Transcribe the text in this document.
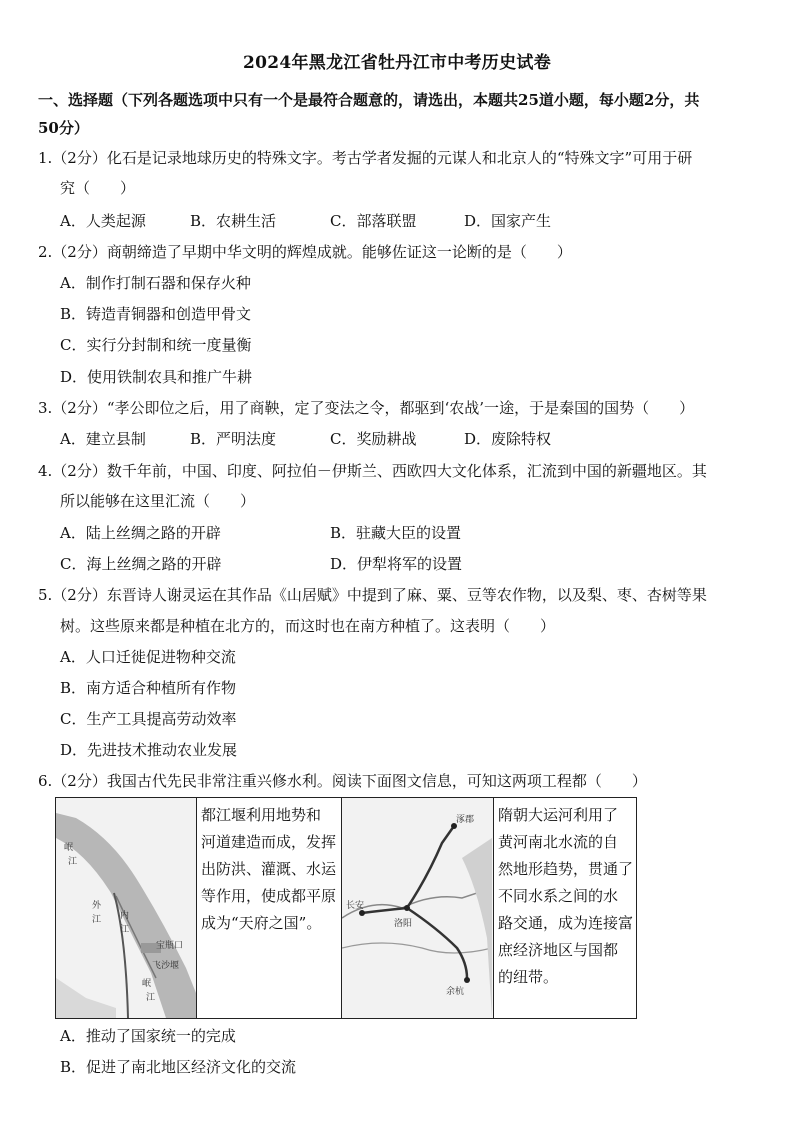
2024年黑龙江省牡丹江市中考历史试卷
一、选择题（下列各题选项中只有一个是最符合题意的，请选出，本题共25道小题，每小题2分，共
50分）
1.（2分）化石是记录地球历史的特殊文字。考古学者发掘的元谋人和北京人的“特殊文字”可用于研
究（　　）
A．人类起源	B．农耕生活	C．部落联盟	D．国家产生
2.（2分）商朝缔造了早期中华文明的辉煌成就。能够佐证这一论断的是（　　）
A．制作打制石器和保存火种
B．铸造青铜器和创造甲骨文
C．实行分封制和统一度量衡
D．使用铁制农具和推广牛耕
3.（2分）“孝公即位之后，用了商鞅，定了变法之令，都驱到‘农战’一途，于是秦国的国势（　　）
A．建立县制	B．严明法度	C．奖励耕战	D．废除特权
4.（2分）数千年前，中国、印度、阿拉伯－伊斯兰、西欧四大文化体系，汇流到中国的新疆地区。其
所以能够在这里汇流（　　）
A．陆上丝绸之路的开辟	B．驻藏大臣的设置
C．海上丝绸之路的开辟	D．伊犁将军的设置
5.（2分）东晋诗人谢灵运在其作品《山居赋》中提到了麻、粟、豆等农作物，以及梨、枣、杏树等果
树。这些原来都是种植在北方的，而这时也在南方种植了。这表明（　　）
A．人口迁徙促进物种交流
B．南方适合种植所有作物
C．生产工具提高劳动效率
D．先进技术推动农业发展
6.（2分）我国古代先民非常注重兴修水利。阅读下面图文信息，可知这两项工程都（　　）
岷
江
外
江 内
江
宝瓶口
飞沙堰
岷
江
都江堰利用地势和
河道建造而成，发挥
出防洪、灌溉、水运
等作用，使成都平原
成为“天府之国”。
涿郡
长安
洛阳
余杭
隋朝大运河利用了
黄河南北水流的自
然地形趋势，贯通了
不同水系之间的水
路交通，成为连接富
庶经济地区与国都
的纽带。
A．推动了国家统一的完成
B．促进了南北地区经济文化的交流
